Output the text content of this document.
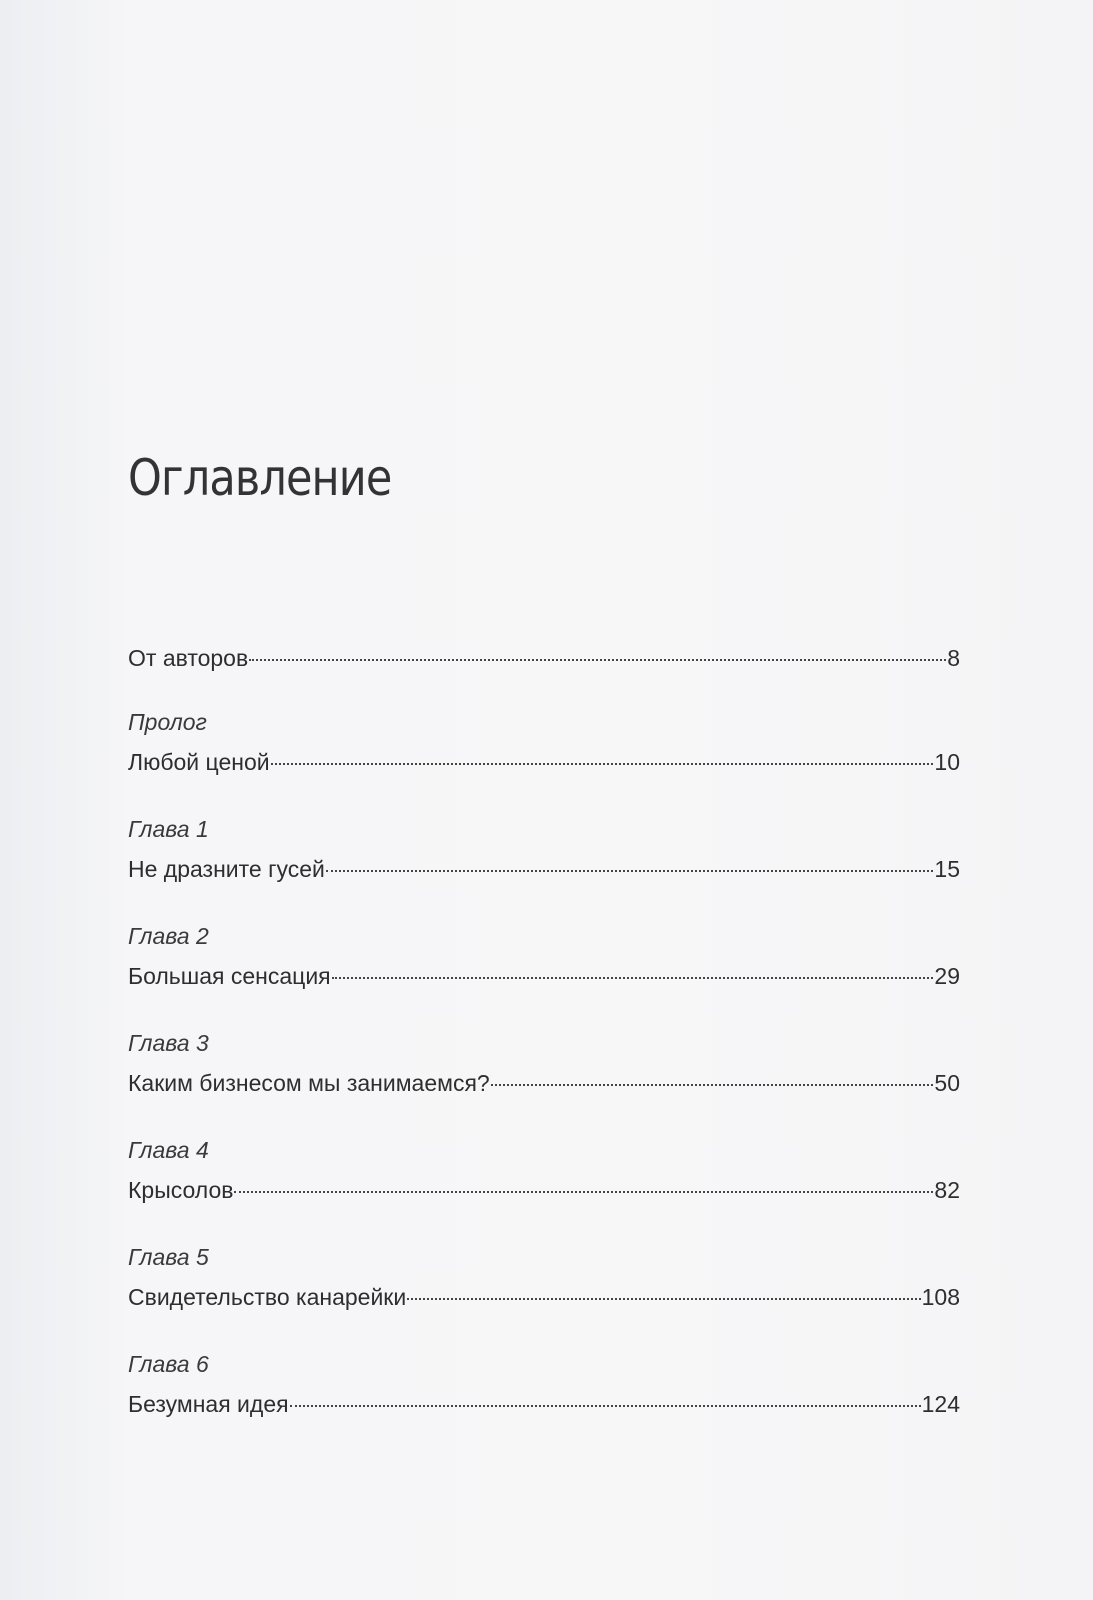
Оглавление
От авторов	8
Пролог
Любой ценой	10
Глава 1
Не дразните гусей	15
Глава 2
Большая сенсация	29
Глава 3
Каким бизнесом мы занимаемся?	50
Глава 4
Крысолов	82
Глава 5
Свидетельство канарейки	108
Глава 6
Безумная идея	124
